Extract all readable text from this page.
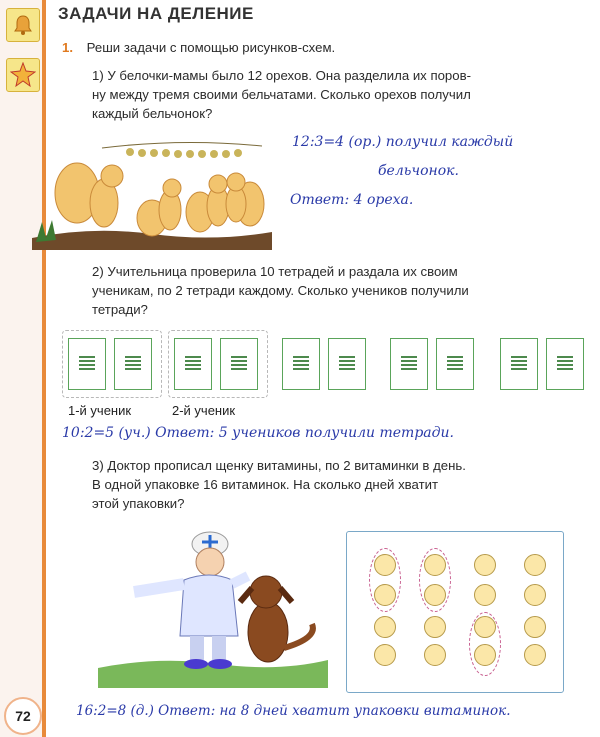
ЗАДАЧИ НА ДЕЛЕНИЕ
1. Реши задачи с помощью рисунков-схем.
1) У белочки-мамы было 12 орехов. Она разделила их поров-
ну между тремя своими бельчатами. Сколько орехов получил
каждый бельчонок?
12:3=4 (ор.) получил каждый
бельчонок.
Ответ: 4 ореха.
2) Учительница проверила 10 тетрадей и раздала их своим
ученикам, по 2 тетради каждому. Сколько учеников получили
тетради?
1-й ученик	2-й ученик
10:2=5 (уч.) Ответ: 5 учеников получили тетради.
3) Доктор прописал щенку витамины, по 2 витаминки в день.
В одной упаковке 16 витаминок. На сколько дней хватит
этой упаковки?
16:2=8 (д.) Ответ: на 8 дней хватит упаковки витаминок.
72
